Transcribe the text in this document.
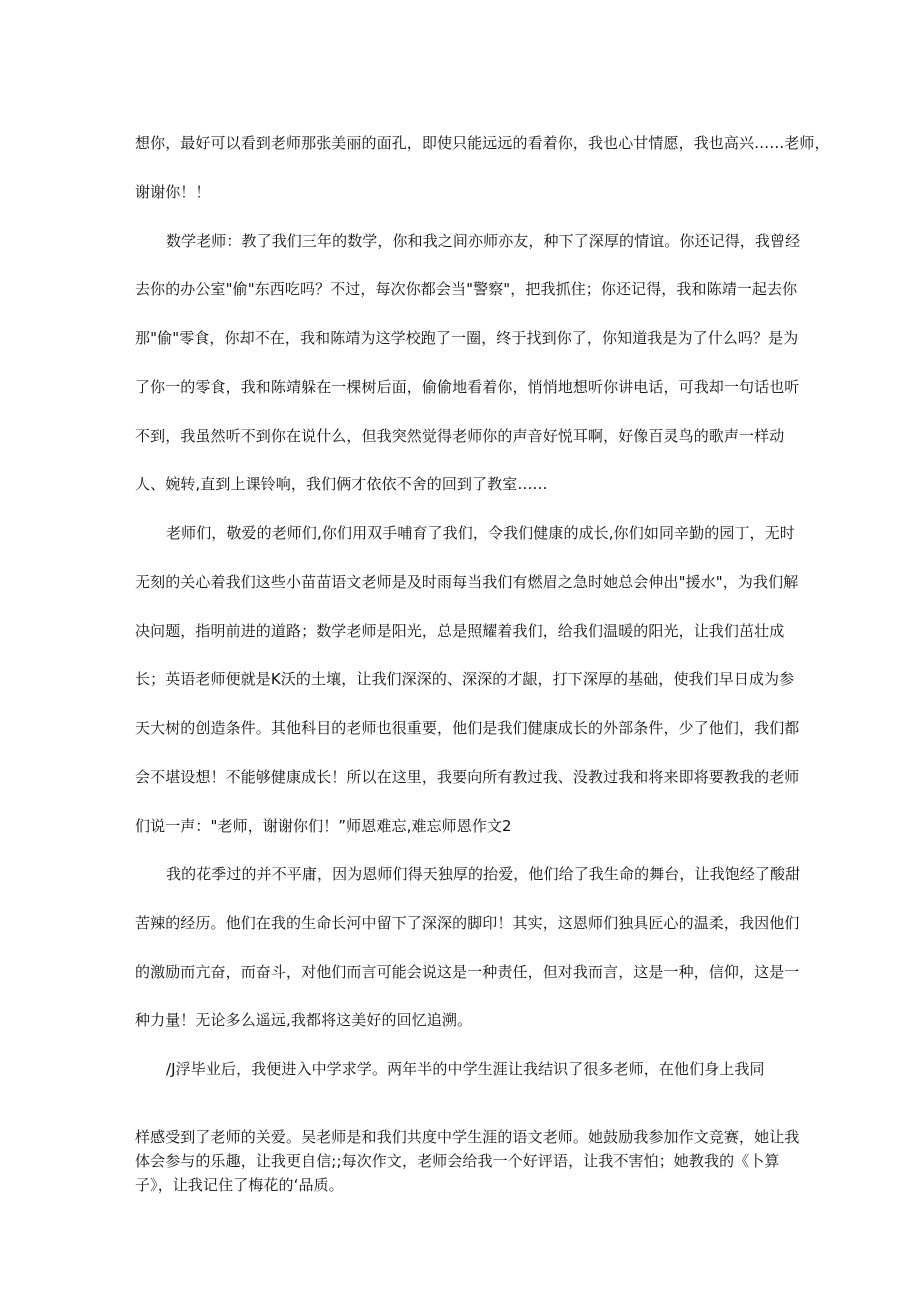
想你，最好可以看到老师那张美丽的面孔，即使只能远远的看着你，我也心甘情愿，我也高兴……老师，
谢谢你！！
数学老师：教了我们三年的数学，你和我之间亦师亦友，种下了深厚的情谊。你还记得，我曾经
去你的办公室"偷"东西吃吗？不过，每次你都会当"警察"，把我抓住；你还记得，我和陈靖一起去你
那"偷"零食，你却不在，我和陈靖为这学校跑了一圈，终于找到你了，你知道我是为了什么吗？是为
了你一的零食，我和陈靖躲在一棵树后面，偷偷地看着你，悄悄地想听你讲电话，可我却一句话也听
不到，我虽然听不到你在说什么，但我突然觉得老师你的声音好悦耳啊，好像百灵鸟的歌声一样动
人、婉转,直到上课铃响，我们俩才依依不舍的回到了教室……
老师们，敬爱的老师们,你们用双手哺育了我们，令我们健康的成长,你们如同辛勤的园丁，无时
无刻的关心着我们这些小苗苗语文老师是及时雨每当我们有燃眉之急时她总会伸出"援水"，为我们解
决问题，指明前进的道路；数学老师是阳光，总是照耀着我们，给我们温暖的阳光，让我们茁壮成
长；英语老师便就是K沃的土壤，让我们深深的、深深的才龈，打下深厚的基础，使我们早日成为参
天大树的创造条件。其他科目的老师也很重要，他们是我们健康成长的外部条件，少了他们，我们都
会不堪设想！不能够健康成长！所以在这里，我要向所有教过我、没教过我和将来即将要教我的老师
们说一声："老师，谢谢你们！”师恩难忘,难忘师恩作文2
我的花季过的并不平庸，因为恩师们得天独厚的抬爱，他们给了我生命的舞台，让我饱经了酸甜
苦辣的经历。他们在我的生命长河中留下了深深的脚印！其实，这恩师们独具匠心的温柔，我因他们
的激励而亢奋，而奋斗，对他们而言可能会说这是一种责任，但对我而言，这是一种，信仰，这是一
种力量！无论多么遥远,我都将这美好的回忆追溯。
/J浮毕业后，我便进入中学求学。两年半的中学生涯让我结识了很多老师，在他们身上我同
样感受到了老师的关爱。吴老师是和我们共度中学生涯的语文老师。她鼓励我参加作文竞赛，她让我
体会参与的乐趣，让我更自信;;每次作文，老师会给我一个好评语，让我不害怕；她教我的《卜算
子》，让我记住了梅花的‘品质。
